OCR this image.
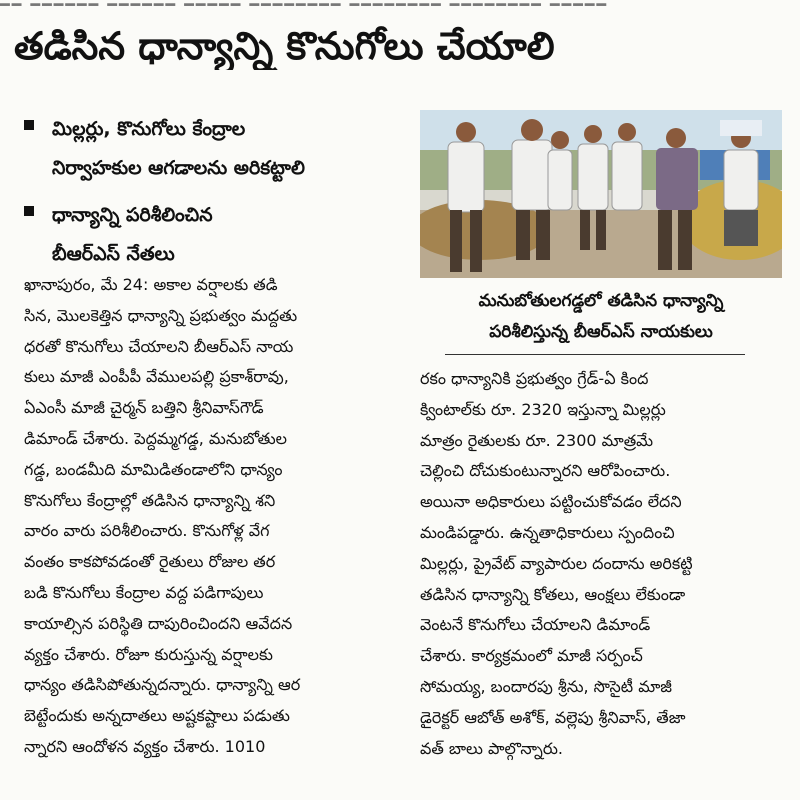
━━ ━━━━━━ ━━━━━━ ━━━━━ ━━━━━━━━ ━━━━━━━━ ━━━━━━━━ ━━━━━
తడిసిన ధాన్యాన్ని కొనుగోలు చేయాలి
మిల్లర్లు, కొనుగోలు కేంద్రాల
నిర్వాహకుల ఆగడాలను అరికట్టాలి
ధాన్యాన్ని పరిశీలించిన
బీఆర్ఎస్ నేతలు
మనుబోతులగడ్డలో తడిసిన ధాన్యాన్ని
పరిశీలిస్తున్న బీఆర్ఎస్ నాయకులు
ఖానాపురం, మే 24: అకాల వర్షాలకు తడి
సిన, మొలకెత్తిన ధాన్యాన్ని ప్రభుత్వం మద్దతు
ధరతో కొనుగోలు చేయాలని బీఆర్ఎస్ నాయ
కులు మాజీ ఎంపీపీ వేములపల్లి ప్రకాశ్‌రావు,
ఏఎంసీ మాజీ చైర్మన్ బత్తిని శ్రీనివాస్‌గౌడ్
డిమాండ్ చేశారు. పెద్దమ్మగడ్డ, మనుబోతుల
గడ్డ, బండమీది మామిడితండాలోని ధాన్యం
కొనుగోలు కేంద్రాల్లో తడిసిన ధాన్యాన్ని శని
వారం వారు పరిశీలించారు. కొనుగోళ్ల వేగ
వంతం కాకపోవడంతో రైతులు రోజుల తర
బడి కొనుగోలు కేంద్రాల వద్ద పడిగాపులు
కాయాల్సిన పరిస్థితి దాపురించిందని ఆవేదన
వ్యక్తం చేశారు. రోజూ కురుస్తున్న వర్షాలకు
ధాన్యం తడిసిపోతున్నదన్నారు. ధాన్యాన్ని ఆర
బెట్టేందుకు అన్నదాతలు అష్టకష్టాలు పడుతు
న్నారని ఆందోళన వ్యక్తం చేశారు. 1010
రకం ధాన్యానికి ప్రభుత్వం గ్రేడ్-ఏ కింద
క్వింటాల్‌కు రూ. 2320 ఇస్తున్నా మిల్లర్లు
మాత్రం రైతులకు రూ. 2300 మాత్రమే
చెల్లించి దోచుకుంటున్నారని ఆరోపించారు.
అయినా అధికారులు పట్టించుకోవడం లేదని
మండిపడ్డారు. ఉన్నతాధికారులు స్పందించి
మిల్లర్లు, ప్రైవేట్ వ్యాపారుల దందాను అరికట్టి
తడిసిన ధాన్యాన్ని కోతలు, ఆంక్షలు లేకుండా
వెంటనే కొనుగోలు చేయాలని డిమాండ్
చేశారు. కార్యక్రమంలో మాజీ సర్పంచ్
సోమయ్య, బందారపు శ్రీను, సొసైటీ మాజీ
డైరెక్టర్ ఆబోత్ అశోక్, వల్లెపు శ్రీనివాస్, తేజా
వత్ బాలు పాల్గొన్నారు.
